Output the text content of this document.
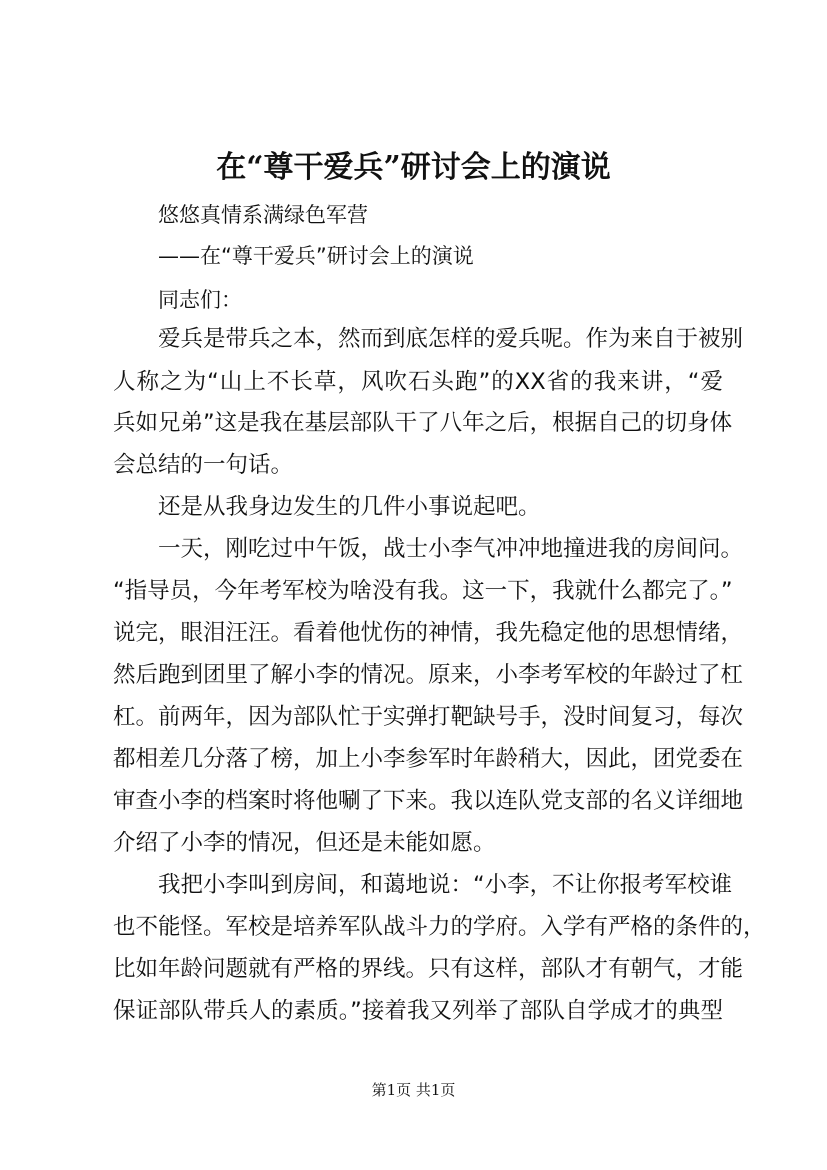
在“尊干爱兵”研讨会上的演说
悠悠真情系满绿色军营
——在“尊干爱兵”研讨会上的演说
同志们：
爱兵是带兵之本，然而到底怎样的爱兵呢。作为来自于被别
人称之为“山上不长草，风吹石头跑”的XX省的我来讲，“爱
兵如兄弟”这是我在基层部队干了八年之后，根据自己的切身体
会总结的一句话。
还是从我身边发生的几件小事说起吧。
一天，刚吃过中午饭，战士小李气冲冲地撞进我的房间问。
“指导员，今年考军校为啥没有我。这一下，我就什么都完了。”
说完，眼泪汪汪。看着他忧伤的神情，我先稳定他的思想情绪，
然后跑到团里了解小李的情况。原来，小李考军校的年龄过了杠
杠。前两年，因为部队忙于实弹打靶缺号手，没时间复习，每次
都相差几分落了榜，加上小李参军时年龄稍大，因此，团党委在
审查小李的档案时将他唰了下来。我以连队党支部的名义详细地
介绍了小李的情况，但还是未能如愿。
我把小李叫到房间，和蔼地说：“小李，不让你报考军校谁
也不能怪。军校是培养军队战斗力的学府。入学有严格的条件的，
比如年龄问题就有严格的界线。只有这样，部队才有朝气，才能
保证部队带兵人的素质。”接着我又列举了部队自学成才的典型
第1页 共1页
